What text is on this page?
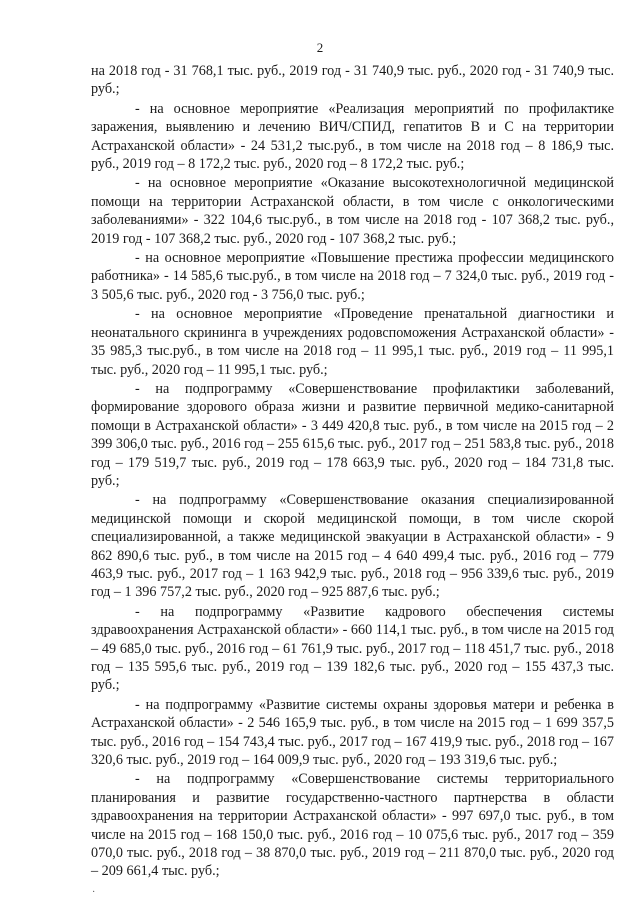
2

на 2018 год - 31 768,1 тыс. руб., 2019 год - 31 740,9 тыс. руб., 2020 год - 31 740,9 тыс. руб.;

- на основное мероприятие «Реализация мероприятий по профилактике заражения, выявлению и лечению ВИЧ/СПИД, гепатитов В и С на территории Астраханской области» - 24 531,2 тыс.руб., в том числе на 2018 год – 8 186,9 тыс. руб., 2019 год – 8 172,2 тыс. руб., 2020 год – 8 172,2 тыс. руб.;

- на основное мероприятие «Оказание высокотехнологичной медицинской помощи на территории Астраханской области, в том числе с онкологическими заболеваниями» - 322 104,6 тыс.руб., в том числе на 2018 год - 107 368,2 тыс. руб., 2019 год - 107 368,2 тыс. руб., 2020 год - 107 368,2 тыс. руб.;

- на основное мероприятие «Повышение престижа профессии медицинского работника» - 14 585,6 тыс.руб., в том числе на 2018 год – 7 324,0 тыс. руб., 2019 год - 3 505,6 тыс. руб., 2020 год - 3 756,0 тыс. руб.;

- на основное мероприятие «Проведение пренатальной диагностики и неонатального скрининга в учреждениях родовспоможения Астраханской области» - 35 985,3 тыс.руб., в том числе на 2018 год – 11 995,1 тыс. руб., 2019 год – 11 995,1 тыс. руб., 2020 год – 11 995,1 тыс. руб.;

- на подпрограмму «Совершенствование профилактики заболеваний, формирование здорового образа жизни и развитие первичной медико-санитарной помощи в Астраханской области» - 3 449 420,8 тыс. руб., в том числе на 2015 год – 2 399 306,0 тыс. руб., 2016 год – 255 615,6 тыс. руб., 2017 год – 251 583,8 тыс. руб., 2018 год – 179 519,7 тыс. руб., 2019 год – 178 663,9 тыс. руб., 2020 год – 184 731,8 тыс. руб.;

- на подпрограмму «Совершенствование оказания специализированной медицинской помощи и скорой медицинской помощи, в том числе скорой специализированной, а также медицинской эвакуации в Астраханской области» - 9 862 890,6 тыс. руб., в том числе на 2015 год – 4 640 499,4 тыс. руб., 2016 год – 779 463,9 тыс. руб., 2017 год – 1 163 942,9 тыс. руб., 2018 год – 956 339,6 тыс. руб., 2019 год – 1 396 757,2 тыс. руб., 2020 год – 925 887,6 тыс. руб.;

- на подпрограмму «Развитие кадрового обеспечения системы здравоохранения Астраханской области» - 660 114,1 тыс. руб., в том числе на 2015 год – 49 685,0 тыс. руб., 2016 год – 61 761,9 тыс. руб., 2017 год – 118 451,7 тыс. руб., 2018 год – 135 595,6 тыс. руб., 2019 год – 139 182,6 тыс. руб., 2020 год – 155 437,3 тыс. руб.;

- на подпрограмму «Развитие системы охраны здоровья матери и ребенка в Астраханской области» - 2 546 165,9 тыс. руб., в том числе на 2015 год – 1 699 357,5 тыс. руб., 2016 год – 154 743,4 тыс. руб., 2017 год – 167 419,9 тыс. руб., 2018 год – 167 320,6 тыс. руб., 2019 год – 164 009,9 тыс. руб., 2020 год – 193 319,6 тыс. руб.;

- на подпрограмму «Совершенствование системы территориального планирования и развитие государственно-частного партнерства в области здравоохранения на территории Астраханской области» - 997 697,0 тыс. руб., в том числе на 2015 год – 168 150,0 тыс. руб., 2016 год – 10 075,6 тыс. руб., 2017 год – 359 070,0 тыс. руб., 2018 год – 38 870,0 тыс. руб., 2019 год – 211 870,0 тыс. руб., 2020 год – 209 661,4 тыс. руб.;

·
